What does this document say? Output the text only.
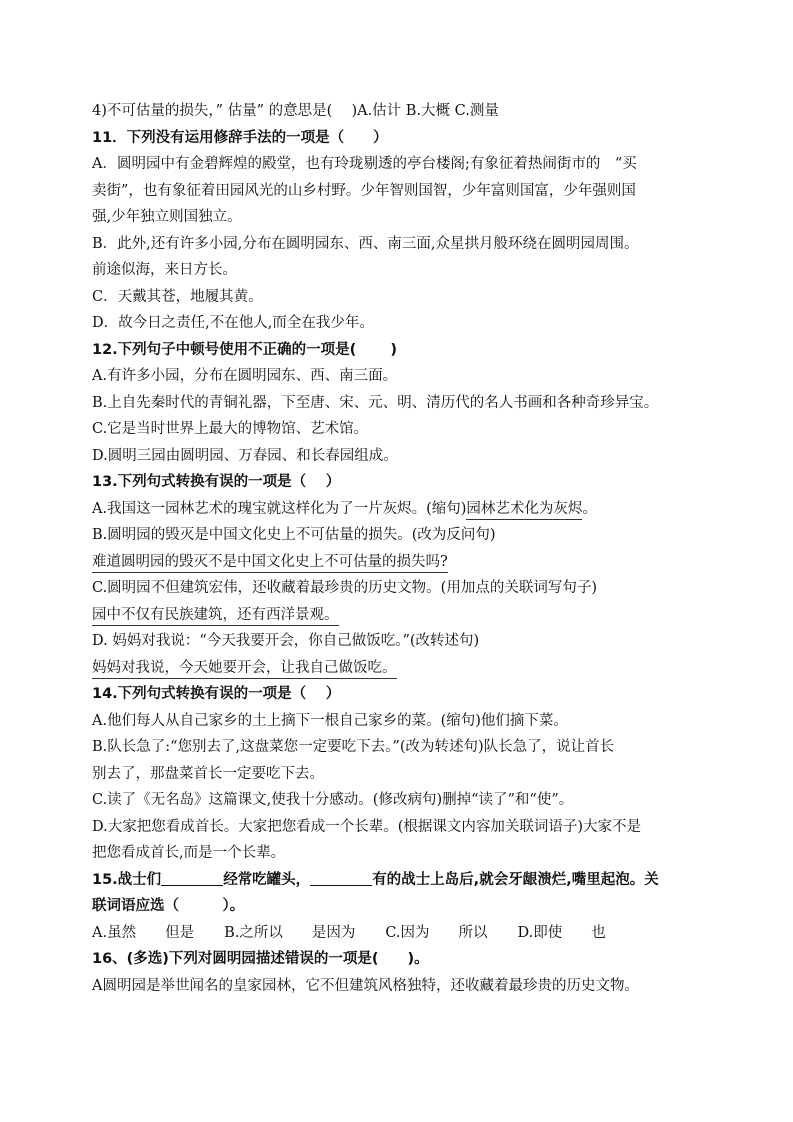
4)不可估量的损失，” 估量” 的意思是(　 )A.估计 B.大概 C.测量
11．下列没有运用修辞手法的一项是（　　）
A．圆明园中有金碧辉煌的殿堂，也有玲珑剔透的亭台楼阁;有象征着热闹街市的　“买
卖街”，也有象征着田园风光的山乡村野。少年智则国智，少年富则国富，少年强则国
强,少年独立则国独立。
B．此外,还有许多小园,分布在圆明园东、西、南三面,众星拱月般环绕在圆明园周围。
前途似海，来日方长。
C．天戴其苍，地履其黄。
D．故今日之责任,不在他人,而全在我少年。
12.下列句子中顿号使用不正确的一项是(　　 )
A.有许多小园，分布在圆明园东、西、南三面。
B.上自先秦时代的青铜礼器，下至唐、宋、元、明、清历代的名人书画和各种奇珍异宝。
C.它是当时世界上最大的博物馆、艺术馆。
D.圆明三园由圆明园、万春园、和长春园组成。
13.下列句式转换有误的一项是（　 ）
A.我国这一园林艺术的瑰宝就这样化为了一片灰烬。(缩句)园林艺术化为灰烬。
B.圆明园的毁灭是中国文化史上不可估量的损失。(改为反问句)
难道圆明园的毁灭不是中国文化史上不可估量的损失吗?
C.圆明园不但建筑宏伟，还收藏着最珍贵的历史文物。(用加点的关联词写句子)
园中不仅有民族建筑，还有西洋景观。
D. 妈妈对我说：“今天我要开会，你自己做饭吃。”(改转述句)
妈妈对我说，今天她要开会，让我自己做饭吃。
14.下列句式转换有误的一项是（　 ）
A.他们每人从自己家乡的土上摘下一根自己家乡的菜。(缩句)他们摘下菜。
B.队长急了:“您别去了,这盘菜您一定要吃下去。”(改为转述句)队长急了，说让首长
别去了，那盘菜首长一定要吃下去。
C.读了《无名岛》这篇课文,使我十分感动。(修改病句)删掉“读了”和“使”。
D.大家把您看成首长。大家把您看成一个长辈。(根据课文内容加关联词语子)大家不是
把您看成首长,而是一个长辈。
15.战士们	经常吃罐头，	有的战士上岛后,就会牙龈溃烂,嘴里起泡。关
联词语应选（　　　）。
A.虽然　　但是 B.之所以　　是因为 C.因为　　所以 D.即使　　也
16、(多选)下列对圆明园描述错误的一项是(　　)。
A圆明园是举世闻名的皇家园林，它不但建筑风格独特，还收藏着最珍贵的历史文物。
